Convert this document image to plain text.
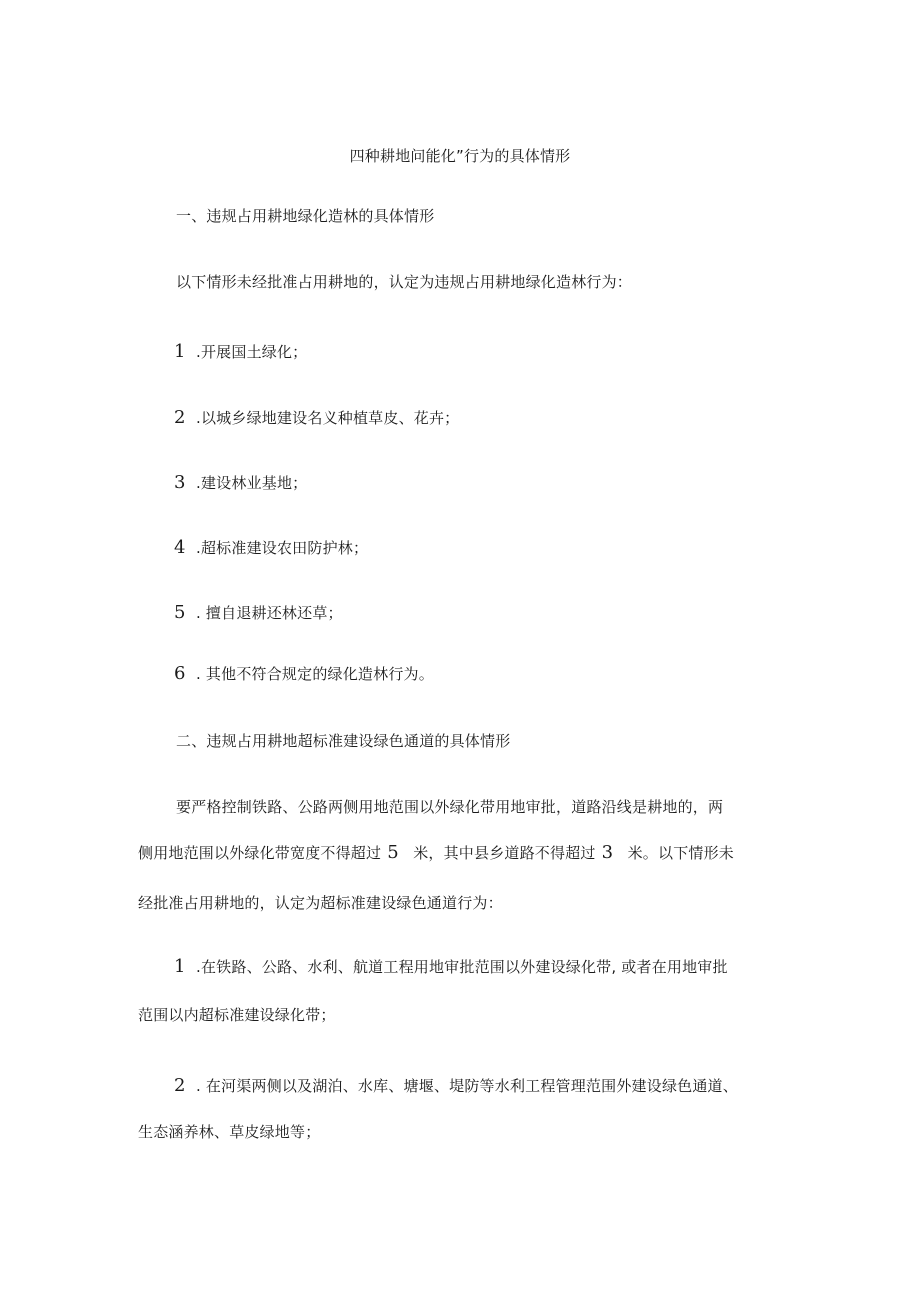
四种耕地问能化”行为的具体情形
一、违规占用耕地绿化造林的具体情形
以下情形未经批准占用耕地的，认定为违规占用耕地绿化造林行为：
1 .开展国土绿化；
2 .以城乡绿地建设名义种植草皮、花卉；
3 .建设林业基地；
4 .超标准建设农田防护林；
5 . 擅自退耕还林还草；
6 . 其他不符合规定的绿化造林行为。
二、违规占用耕地超标准建设绿色通道的具体情形
要严格控制铁路、公路两侧用地范围以外绿化带用地审批，道路沿线是耕地的，两
侧用地范围以外绿化带宽度不得超过 5 米，其中县乡道路不得超过 3 米。以下情形未
经批准占用耕地的，认定为超标准建设绿色通道行为：
1 .在铁路、公路、水利、航道工程用地审批范围以外建设绿化带, 或者在用地审批
范围以内超标准建设绿化带；
2 . 在河渠两侧以及湖泊、水库、塘堰、堤防等水利工程管理范围外建设绿色通道、
生态涵养林、草皮绿地等；
